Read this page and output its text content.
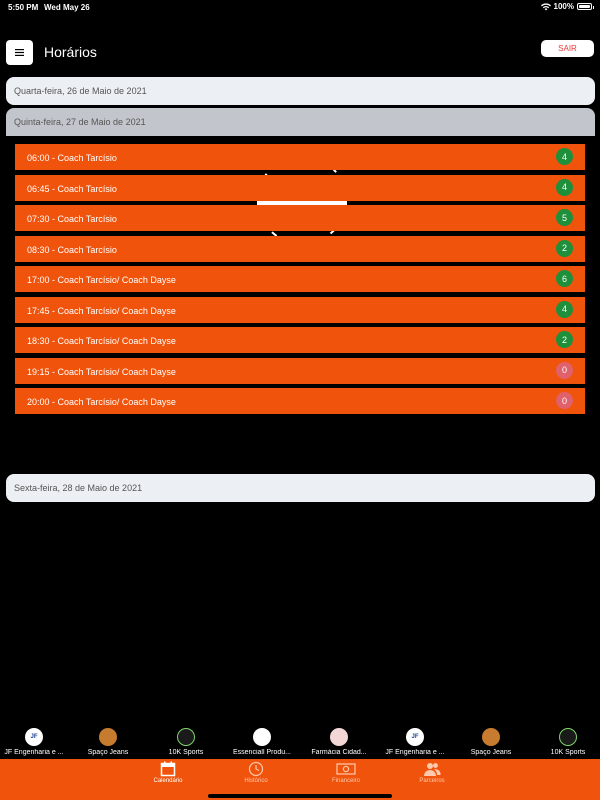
5:50 PM Wed May 26	100%
Horários	SAIR
Quarta-feira, 26 de Maio de 2021
Quinta-feira, 27 de Maio de 2021
06:00 - Coach Tarcísio	4
06:45 - Coach Tarcísio	4
07:30 - Coach Tarcísio	5
08:30 - Coach Tarcísio	2
17:00 - Coach Tarcísio/ Coach Dayse	6
17:45 - Coach Tarcísio/ Coach Dayse	4
18:30 - Coach Tarcísio/ Coach Dayse	2
19:15 - Coach Tarcísio/ Coach Dayse	0
20:00 - Coach Tarcísio/ Coach Dayse	0
Sexta-feira, 28 de Maio de 2021
JF
JF Engenharia e ...	Spaço Jeans	10K Sports	Essenciall Produ...	Farmácia Cidad...
JF
JF Engenharia e ...	Spaço Jeans	10K Sports
Calendário	Histórico	Financeiro	Parceiros
